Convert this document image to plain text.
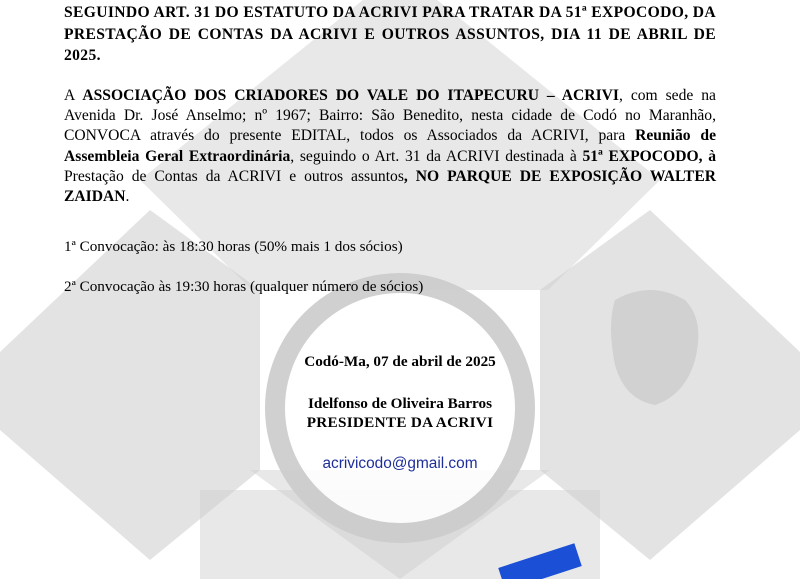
SEGUINDO ART. 31 DO ESTATUTO DA ACRIVI PARA TRATAR DA 51ª EXPOCODO, DA PRESTAÇÃO DE CONTAS DA ACRIVI E OUTROS ASSUNTOS, DIA 11 DE ABRIL DE 2025.

A ASSOCIAÇÃO DOS CRIADORES DO VALE DO ITAPECURU – ACRIVI, com sede na Avenida Dr. José Anselmo; nº 1967; Bairro: São Benedito, nesta cidade de Codó no Maranhão, CONVOCA através do presente EDITAL, todos os Associados da ACRIVI, para Reunião de Assembleia Geral Extraordinária, seguindo o Art. 31 da ACRIVI destinada à 51ª EXPOCODO, à Prestação de Contas da ACRIVI e outros assuntos, NO PARQUE DE EXPOSIÇÃO WALTER ZAIDAN.

1ª Convocação: às 18:30 horas (50% mais 1 dos sócios)

2ª Convocação às 19:30 horas (qualquer número de sócios)

Codó-Ma, 07 de abril de 2025

Idelfonso de Oliveira Barros

PRESIDENTE DA ACRIVI

acrivicodo@gmail.com
